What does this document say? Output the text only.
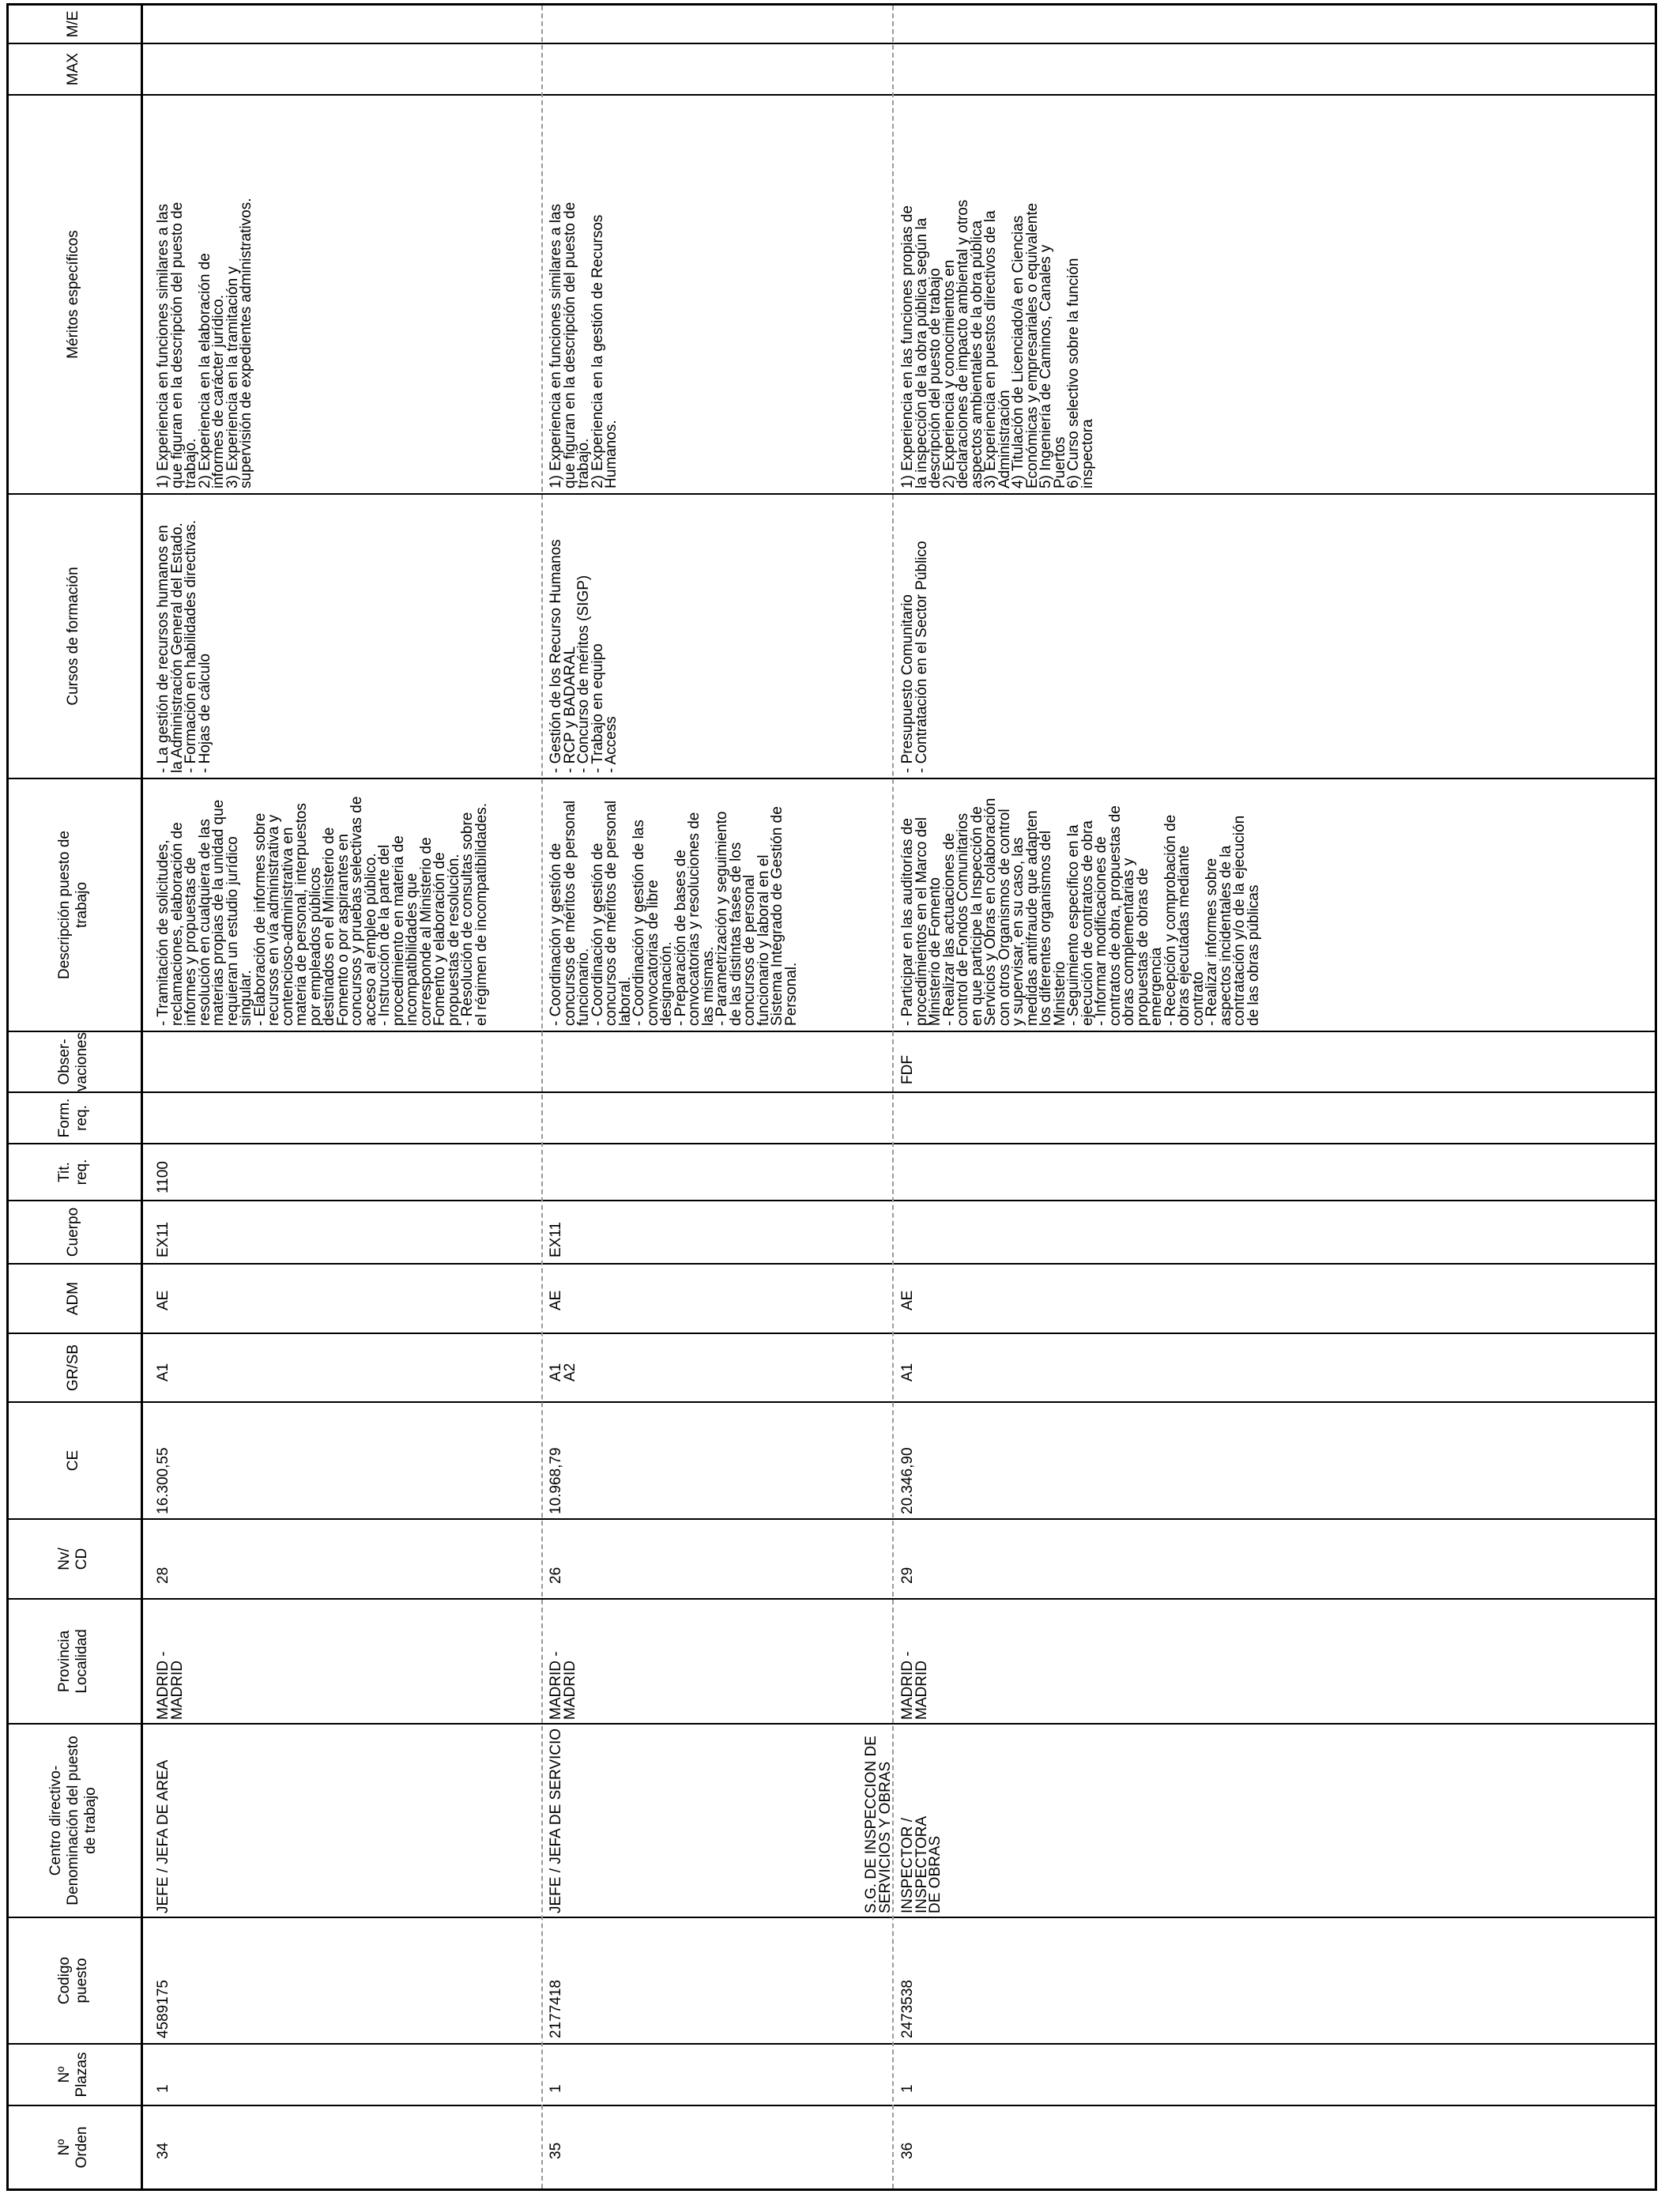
Nº
Orden
Nº
Plazas
Codigo
puesto
Centro directivo-
Denominación del puesto
de trabajo
Provincia
Localidad
Nv/
CD
CE
GR/SB
ADM
Cuerpo
Tit.
req.
Form.
req.
Obser-
vaciones
Descripción puesto de
trabajo
Cursos de formación
Méritos específicos
MAX
M/E
34
1
4589175
JEFE / JEFA DE AREA
MADRID -
MADRID
28
16.300,55
A1
AE
EX11
1100
- Tramitación de solicitudes,
reclamaciones, elaboración de
informes y propuestas de
resolución en cualquiera de las
materias propias de la unidad que
requieran un estudio jurídico
singular.
- Elaboración de informes sobre
recursos en vía administrativa y
contencioso-administrativa en
materia de personal, interpuestos
por empleados públicos
destinados en el Ministerio de
Fomento o por aspirantes en
concursos y pruebas selectivas de
acceso al empleo público.
- Instrucción de la parte del
procedimiento en materia de
incompatibilidades que
corresponde al Ministerio de
Fomento y elaboración de
propuestas de resolución.
- Resolución de consultas sobre
el régimen de incompatibilidades.
- La gestión de recursos humanos en
la Administración General del Estado.
- Formación en habilidades directivas.
- Hojas de cálculo
1) Experiencia en funciones similares a las
que figuran en la descripción del puesto de
trabajo.
2) Experiencia en la elaboración de
informes de carácter jurídico.
3) Experiencia en la tramitación y
supervisión de expedientes administrativos.
35
1
2177418
JEFE / JEFA DE SERVICIO
MADRID -
MADRID
26
10.968,79
A1
A2
AE
EX11
- Coordinación y gestión de
concursos de méritos de personal
funcionario.
- Coordinación y gestión de
concursos de méritos de personal
laboral.
- Coordinación y gestión de las
convocatorias de libre
designación.
- Preparación de bases de
convocatorias y resoluciones de
las mismas.
- Parametrización y seguimiento
de las distintas fases de los
concursos de personal
funcionario y laboral en el
Sistema Integrado de Gestión de
Personal.
- Gestión de los Recurso Humanos
- RCP y BADARAL
- Concurso de méritos (SIGP)
- Trabajo en equipo
- Access
1) Experiencia en funciones similares a las
que figuran en la descripción del puesto de
trabajo.
2) Experiencia en la gestión de Recursos
Humanos.
36
1
2473538
S.G. DE INSPECCION DE
SERVICIOS Y OBRAS
INSPECTOR / INSPECTORA
DE OBRAS
MADRID -
MADRID
29
20.346,90
A1
AE
FDF
- Participar en las auditorías de
procedimientos en el Marco del
Ministerio de Fomento
- Realizar las actuaciones de
control de Fondos Comunitarios
en que participe la Inspección de
Servicios y Obras en colaboración
con otros Organismos de control
y supervisar, en su caso, las
medidas antifraude que adapten
los diferentes organismos del
Ministerio
- Seguimiento específico en la
ejecución de contratos de obra
- Informar modificaciones de
contratos de obra, propuestas de
obras complementarias y
propuestas de obras de
emergencia
- Recepción y comprobación de
obras ejecutadas mediante
contrato
- Realizar informes sobre
aspectos incidentales de la
contratación y/o de la ejecución
de las obras públicas
- Presupuesto Comunitario
- Contratación en el Sector Público
1) Experiencia en las funciones propias de
la inspección de la obra pública según la
descripción del puesto de trabajo
2) Experiencia y conocimientos en
declaraciones de impacto ambiental y otros
aspectos ambientales de la obra pública
3) Experiencia en puestos directivos de la
Administración
4) Titulación de Licenciado/a en Ciencias
Económicas y empresariales o equivalente
5) Ingeniería de Caminos, Canales y
Puertos
6) Curso selectivo sobre la función
inspectora
